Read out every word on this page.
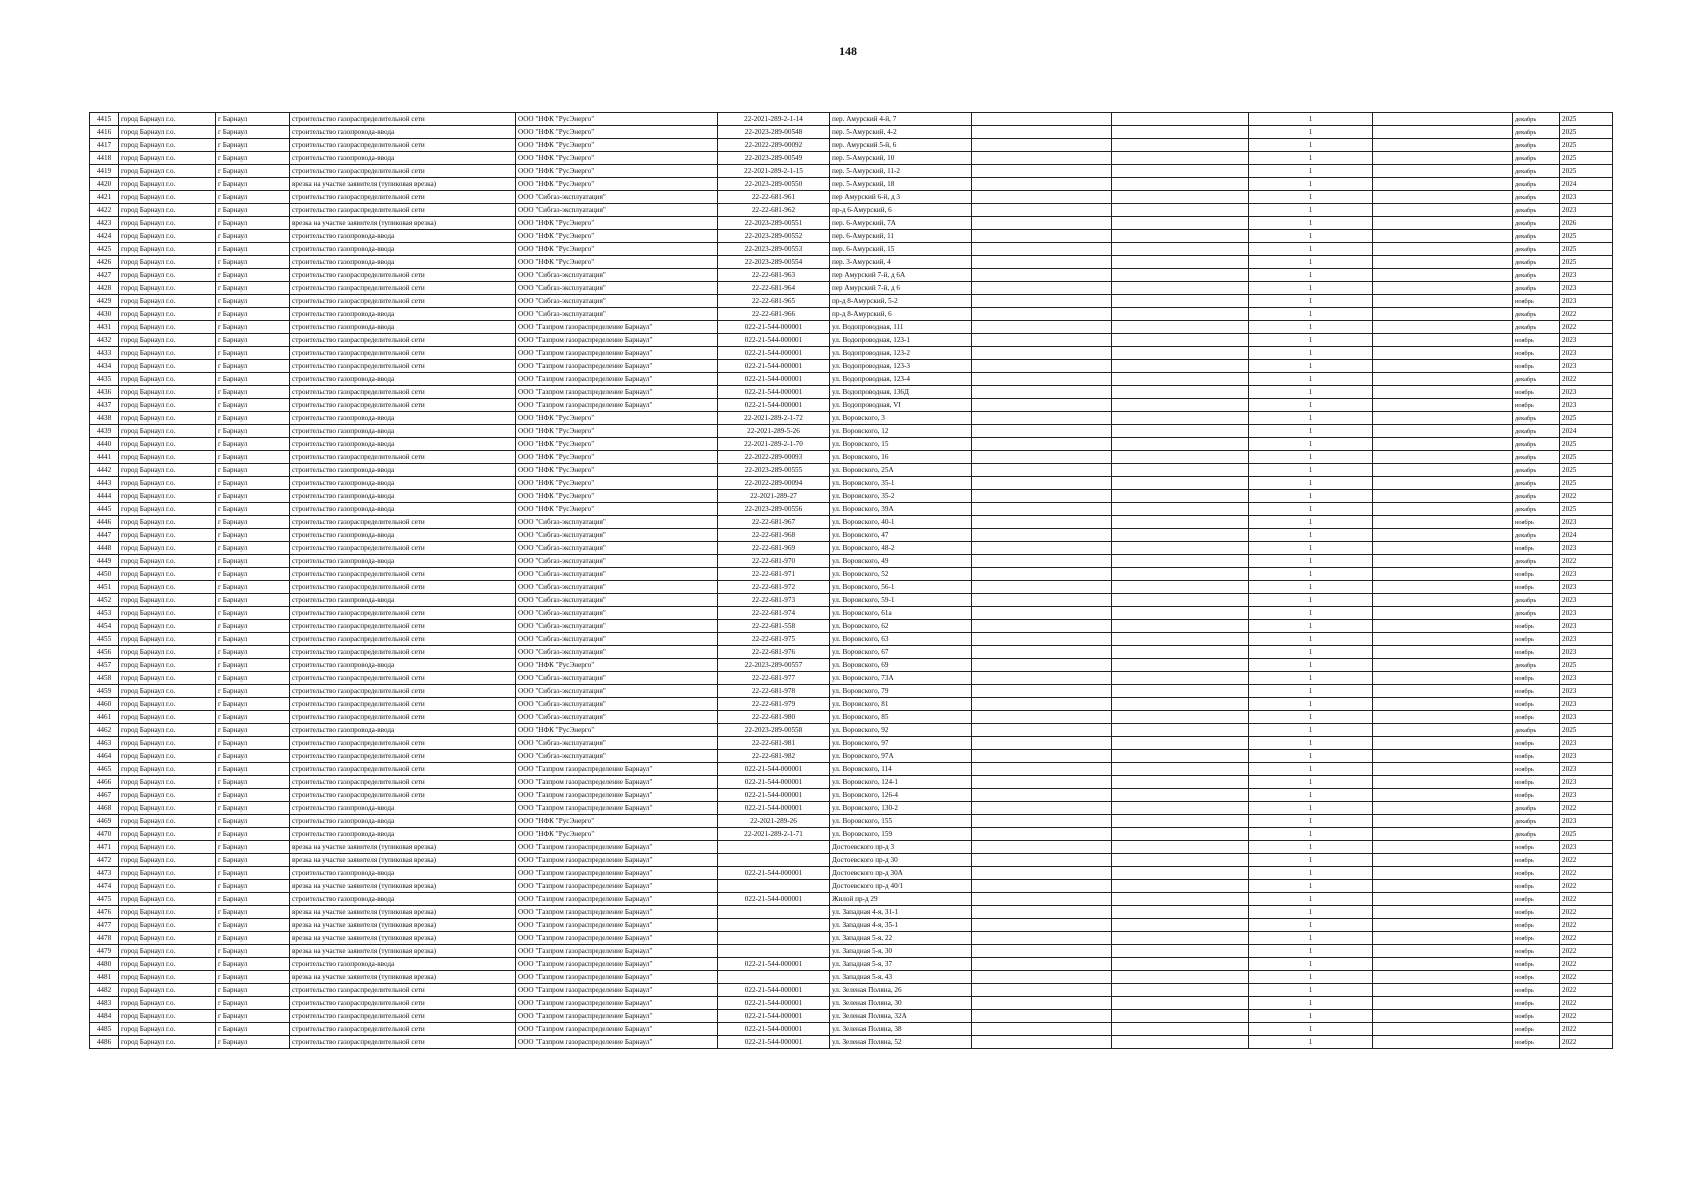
148
4415	город Барнаул г.о.	г Барнаул	строительство газораспределительной сети	ООО "НФК "РусЭнерго"	22-2021-289-2-1-14	пер. Амурский 4-й, 7			1		декабрь	2025
4416	город Барнаул г.о.	г Барнаул	строительство газопровода-ввода	ООО "НФК "РусЭнерго"	22-2023-289-00548	пер. 5-Амурский, 4-2			1		декабрь	2025
4417	город Барнаул г.о.	г Барнаул	строительство газораспределительной сети	ООО "НФК "РусЭнерго"	22-2022-289-00092	пер. Амурский 5-й, 6			1		декабрь	2025
4418	город Барнаул г.о.	г Барнаул	строительство газопровода-ввода	ООО "НФК "РусЭнерго"	22-2023-289-00549	пер. 5-Амурский, 10			1		декабрь	2025
4419	город Барнаул г.о.	г Барнаул	строительство газораспределительной сети	ООО "НФК "РусЭнерго"	22-2021-289-2-1-15	пер. 5-Амурский, 11-2			1		декабрь	2025
4420	город Барнаул г.о.	г Барнаул	врезка на участке заявителя (тупиковая врезка)	ООО "НФК "РусЭнерго"	22-2023-289-00550	пер. 5-Амурский, 18			1		декабрь	2024
4421	город Барнаул г.о.	г Барнаул	строительство газораспределительной сети	ООО "Сибгаз-эксплуатация"	22-22-681-961	пер Амурский 6-й, д 3			1		декабрь	2023
4422	город Барнаул г.о.	г Барнаул	строительство газораспределительной сети	ООО "Сибгаз-эксплуатация"	22-22-681-962	пр-д 6-Амурский, 6			1		декабрь	2023
4423	город Барнаул г.о.	г Барнаул	врезка на участке заявителя (тупиковая врезка)	ООО "НФК "РусЭнерго"	22-2023-289-00551	пер. 6-Амурский, 7А			1		декабрь	2026
4424	город Барнаул г.о.	г Барнаул	строительство газопровода-ввода	ООО "НФК "РусЭнерго"	22-2023-289-00552	пер. 6-Амурский, 11			1		декабрь	2025
4425	город Барнаул г.о.	г Барнаул	строительство газопровода-ввода	ООО "НФК "РусЭнерго"	22-2023-289-00553	пер. 6-Амурский, 15			1		декабрь	2025
4426	город Барнаул г.о.	г Барнаул	строительство газопровода-ввода	ООО "НФК "РусЭнерго"	22-2023-289-00554	пер. 3-Амурский, 4			1		декабрь	2025
4427	город Барнаул г.о.	г Барнаул	строительство газораспределительной сети	ООО "Сибгаз-эксплуатация"	22-22-681-963	пер Амурский 7-й, д 6А			1		декабрь	2023
4428	город Барнаул г.о.	г Барнаул	строительство газораспределительной сети	ООО "Сибгаз-эксплуатация"	22-22-681-964	пер Амурский 7-й, д 6			1		декабрь	2023
4429	город Барнаул г.о.	г Барнаул	строительство газораспределительной сети	ООО "Сибгаз-эксплуатация"	22-22-681-965	пр-д 8-Амурский, 5-2			1		ноябрь	2023
4430	город Барнаул г.о.	г Барнаул	строительство газопровода-ввода	ООО "Сибгаз-эксплуатация"	22-22-681-966	пр-д 8-Амурский, 6			1		декабрь	2022
4431	город Барнаул г.о.	г Барнаул	строительство газопровода-ввода	ООО "Газпром газораспределение Барнаул"	022-21-544-000001	ул. Водопроводная, 111			1		декабрь	2022
4432	город Барнаул г.о.	г Барнаул	строительство газораспределительной сети	ООО "Газпром газораспределение Барнаул"	022-21-544-000001	ул. Водопроводная, 123-1			1		ноябрь	2023
4433	город Барнаул г.о.	г Барнаул	строительство газораспределительной сети	ООО "Газпром газораспределение Барнаул"	022-21-544-000001	ул. Водопроводная, 123-2			1		ноябрь	2023
4434	город Барнаул г.о.	г Барнаул	строительство газораспределительной сети	ООО "Газпром газораспределение Барнаул"	022-21-544-000001	ул. Водопроводная, 123-3			1		ноябрь	2023
4435	город Барнаул г.о.	г Барнаул	строительство газопровода-ввода	ООО "Газпром газораспределение Барнаул"	022-21-544-000001	ул. Водопроводная, 123-4			1		декабрь	2022
4436	город Барнаул г.о.	г Барнаул	строительство газораспределительной сети	ООО "Газпром газораспределение Барнаул"	022-21-544-000001	ул. Водопроводная, 136Д			1		ноябрь	2023
4437	город Барнаул г.о.	г Барнаул	строительство газораспределительной сети	ООО "Газпром газораспределение Барнаул"	022-21-544-000001	ул. Водопроводная, VI			1		ноябрь	2023
4438	город Барнаул г.о.	г Барнаул	строительство газопровода-ввода	ООО "НФК "РусЭнерго"	22-2021-289-2-1-72	ул. Воровского, 3			1		декабрь	2025
4439	город Барнаул г.о.	г Барнаул	строительство газопровода-ввода	ООО "НФК "РусЭнерго"	22-2021-289-5-26	ул. Воровского, 12			1		декабрь	2024
4440	город Барнаул г.о.	г Барнаул	строительство газопровода-ввода	ООО "НФК "РусЭнерго"	22-2021-289-2-1-70	ул. Воровского, 15			1		декабрь	2025
4441	город Барнаул г.о.	г Барнаул	строительство газораспределительной сети	ООО "НФК "РусЭнерго"	22-2022-289-00093	ул. Воровского, 16			1		декабрь	2025
4442	город Барнаул г.о.	г Барнаул	строительство газопровода-ввода	ООО "НФК "РусЭнерго"	22-2023-289-00555	ул. Воровского, 25А			1		декабрь	2025
4443	город Барнаул г.о.	г Барнаул	строительство газопровода-ввода	ООО "НФК "РусЭнерго"	22-2022-289-00094	ул. Воровского, 35-1			1		декабрь	2025
4444	город Барнаул г.о.	г Барнаул	строительство газопровода-ввода	ООО "НФК "РусЭнерго"	22-2021-289-27	ул. Воровского, 35-2			1		декабрь	2022
4445	город Барнаул г.о.	г Барнаул	строительство газопровода-ввода	ООО "НФК "РусЭнерго"	22-2023-289-00556	ул. Воровского, 39А			1		декабрь	2025
4446	город Барнаул г.о.	г Барнаул	строительство газораспределительной сети	ООО "Сибгаз-эксплуатация"	22-22-681-967	ул. Воровского, 40-1			1		ноябрь	2023
4447	город Барнаул г.о.	г Барнаул	строительство газопровода-ввода	ООО "Сибгаз-эксплуатация"	22-22-681-968	ул. Воровского, 47			1		декабрь	2024
4448	город Барнаул г.о.	г Барнаул	строительство газораспределительной сети	ООО "Сибгаз-эксплуатация"	22-22-681-969	ул. Воровского, 48-2			1		ноябрь	2023
4449	город Барнаул г.о.	г Барнаул	строительство газопровода-ввода	ООО "Сибгаз-эксплуатация"	22-22-681-970	ул. Воровского, 49			1		декабрь	2022
4450	город Барнаул г.о.	г Барнаул	строительство газораспределительной сети	ООО "Сибгаз-эксплуатация"	22-22-681-971	ул. Воровского, 52			1		ноябрь	2023
4451	город Барнаул г.о.	г Барнаул	строительство газораспределительной сети	ООО "Сибгаз-эксплуатация"	22-22-681-972	ул. Воровского, 56-1			1		ноябрь	2023
4452	город Барнаул г.о.	г Барнаул	строительство газопровода-ввода	ООО "Сибгаз-эксплуатация"	22-22-681-973	ул. Воровского, 59-1			1		декабрь	2023
4453	город Барнаул г.о.	г Барнаул	строительство газораспределительной сети	ООО "Сибгаз-эксплуатация"	22-22-681-974	ул. Воровского, 61а			1		декабрь	2023
4454	город Барнаул г.о.	г Барнаул	строительство газораспределительной сети	ООО "Сибгаз-эксплуатация"	22-22-681-558	ул. Воровского, 62			1		ноябрь	2023
4455	город Барнаул г.о.	г Барнаул	строительство газораспределительной сети	ООО "Сибгаз-эксплуатация"	22-22-681-975	ул. Воровского, 63			1		ноябрь	2023
4456	город Барнаул г.о.	г Барнаул	строительство газораспределительной сети	ООО "Сибгаз-эксплуатация"	22-22-681-976	ул. Воровского, 67			1		ноябрь	2023
4457	город Барнаул г.о.	г Барнаул	строительство газопровода-ввода	ООО "НФК "РусЭнерго"	22-2023-289-00557	ул. Воровского, 69			1		декабрь	2025
4458	город Барнаул г.о.	г Барнаул	строительство газораспределительной сети	ООО "Сибгаз-эксплуатация"	22-22-681-977	ул. Воровского, 73А			1		ноябрь	2023
4459	город Барнаул г.о.	г Барнаул	строительство газораспределительной сети	ООО "Сибгаз-эксплуатация"	22-22-681-978	ул. Воровского, 79			1		ноябрь	2023
4460	город Барнаул г.о.	г Барнаул	строительство газораспределительной сети	ООО "Сибгаз-эксплуатация"	22-22-681-979	ул. Воровского, 81			1		ноябрь	2023
4461	город Барнаул г.о.	г Барнаул	строительство газораспределительной сети	ООО "Сибгаз-эксплуатация"	22-22-681-980	ул. Воровского, 85			1		ноябрь	2023
4462	город Барнаул г.о.	г Барнаул	строительство газопровода-ввода	ООО "НФК "РусЭнерго"	22-2023-289-00558	ул. Воровского, 92			1		декабрь	2025
4463	город Барнаул г.о.	г Барнаул	строительство газораспределительной сети	ООО "Сибгаз-эксплуатация"	22-22-681-981	ул. Воровского, 97			1		ноябрь	2023
4464	город Барнаул г.о.	г Барнаул	строительство газораспределительной сети	ООО "Сибгаз-эксплуатация"	22-22-681-982	ул. Воровского, 97А			1		ноябрь	2023
4465	город Барнаул г.о.	г Барнаул	строительство газораспределительной сети	ООО "Газпром газораспределение Барнаул"	022-21-544-000001	ул. Воровского, 114			1		ноябрь	2023
4466	город Барнаул г.о.	г Барнаул	строительство газораспределительной сети	ООО "Газпром газораспределение Барнаул"	022-21-544-000001	ул. Воровского, 124-1			1		ноябрь	2023
4467	город Барнаул г.о.	г Барнаул	строительство газораспределительной сети	ООО "Газпром газораспределение Барнаул"	022-21-544-000001	ул. Воровского, 126-4			1		ноябрь	2023
4468	город Барнаул г.о.	г Барнаул	строительство газопровода-ввода	ООО "Газпром газораспределение Барнаул"	022-21-544-000001	ул. Воровского, 130-2			1		декабрь	2022
4469	город Барнаул г.о.	г Барнаул	строительство газопровода-ввода	ООО "НФК "РусЭнерго"	22-2021-289-26	ул. Воровского, 155			1		декабрь	2023
4470	город Барнаул г.о.	г Барнаул	строительство газопровода-ввода	ООО "НФК "РусЭнерго"	22-2021-289-2-1-71	ул. Воровского, 159			1		декабрь	2025
4471	город Барнаул г.о.	г Барнаул	врезка на участке заявителя (тупиковая врезка)	ООО "Газпром газораспределение Барнаул"		Достоевского пр-д 3			1		ноябрь	2023
4472	город Барнаул г.о.	г Барнаул	врезка на участке заявителя (тупиковая врезка)	ООО "Газпром газораспределение Барнаул"		Достоевского пр-д 30			1		ноябрь	2022
4473	город Барнаул г.о.	г Барнаул	строительство газопровода-ввода	ООО "Газпром газораспределение Барнаул"	022-21-544-000001	Достоевского пр-д 30А			1		ноябрь	2022
4474	город Барнаул г.о.	г Барнаул	врезка на участке заявителя (тупиковая врезка)	ООО "Газпром газораспределение Барнаул"		Достоевского пр-д 40/1			1		ноябрь	2022
4475	город Барнаул г.о.	г Барнаул	строительство газопровода-ввода	ООО "Газпром газораспределение Барнаул"	022-21-544-000001	Жилой пр-д 29			1		ноябрь	2022
4476	город Барнаул г.о.	г Барнаул	врезка на участке заявителя (тупиковая врезка)	ООО "Газпром газораспределение Барнаул"		ул. Западная 4-я, 31-1			1		ноябрь	2022
4477	город Барнаул г.о.	г Барнаул	врезка на участке заявителя (тупиковая врезка)	ООО "Газпром газораспределение Барнаул"		ул. Западная 4-я, 35-1			1		ноябрь	2022
4478	город Барнаул г.о.	г Барнаул	врезка на участке заявителя (тупиковая врезка)	ООО "Газпром газораспределение Барнаул"		ул. Западная 5-я, 22			1		ноябрь	2022
4479	город Барнаул г.о.	г Барнаул	врезка на участке заявителя (тупиковая врезка)	ООО "Газпром газораспределение Барнаул"		ул. Западная 5-я, 30			1		ноябрь	2022
4480	город Барнаул г.о.	г Барнаул	строительство газопровода-ввода	ООО "Газпром газораспределение Барнаул"	022-21-544-000001	ул. Западная 5-я, 37			1		ноябрь	2022
4481	город Барнаул г.о.	г Барнаул	врезка на участке заявителя (тупиковая врезка)	ООО "Газпром газораспределение Барнаул"		ул. Западная 5-я, 43			1		ноябрь	2022
4482	город Барнаул г.о.	г Барнаул	строительство газораспределительной сети	ООО "Газпром газораспределение Барнаул"	022-21-544-000001	ул. Зеленая Поляна, 26			1		ноябрь	2022
4483	город Барнаул г.о.	г Барнаул	строительство газораспределительной сети	ООО "Газпром газораспределение Барнаул"	022-21-544-000001	ул. Зеленая Поляна, 30			1		ноябрь	2022
4484	город Барнаул г.о.	г Барнаул	строительство газораспределительной сети	ООО "Газпром газораспределение Барнаул"	022-21-544-000001	ул. Зеленая Поляна, 32А			1		ноябрь	2022
4485	город Барнаул г.о.	г Барнаул	строительство газораспределительной сети	ООО "Газпром газораспределение Барнаул"	022-21-544-000001	ул. Зеленая Поляна, 38			1		ноябрь	2022
4486	город Барнаул г.о.	г Барнаул	строительство газораспределительной сети	ООО "Газпром газораспределение Барнаул"	022-21-544-000001	ул. Зеленая Поляна, 52			1		ноябрь	2022
